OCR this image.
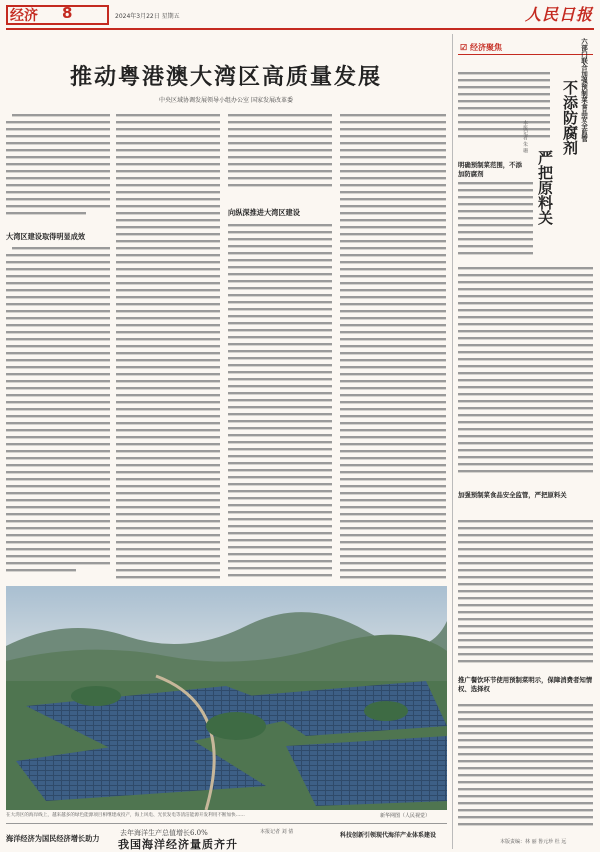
经济 8	2024年3月22日 星期五	人民日报
推动粤港澳大湾区高质量发展
中央区域协调发展领导小组办公室 国家发展改革委
大湾区建设取得明显成效
向纵深推进大湾区建设
在大湾区的海岸线上，越来越多的绿色能源项目相继建成投产，海上风电、光伏发电等清洁能源开发利用不断加快……	新华网图（人民视觉）
海洋经济为国民经济增长助力
去年海洋生产总值增长6.0%
我国海洋经济量质齐升
本报记者 刘 倩	科技创新引领现代海洋产业体系建设
☑ 经济聚焦	六部门联合加强预制菜食品安全监管
不添防腐剂
严把原料关
本报记者 朱 珊
明确预制菜范围，不添加防腐剂
加强预制菜食品安全监管，严把原料关
推广餐饮环节使用预制菜明示，保障消费者知情权、选择权
本版责编：林 丽 鲁元珍 杜 远
